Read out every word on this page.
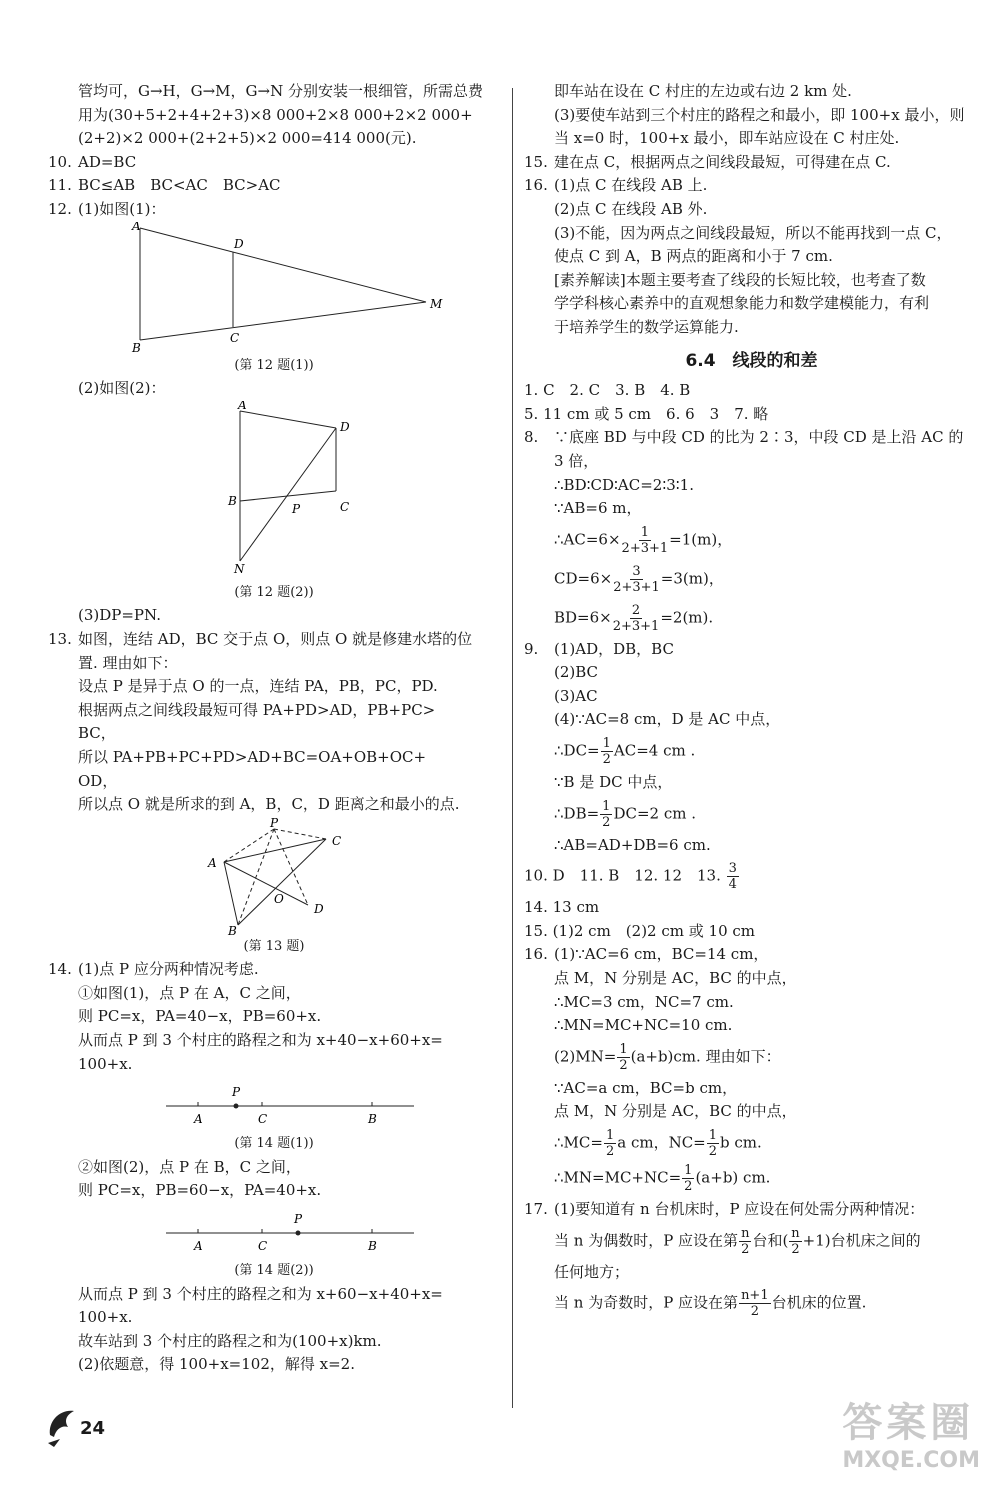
管均可，G→H，G→M，G→N 分别安装一根细管，所需总费
用为(30+5+2+4+2+3)×8 000+2×8 000+2×2 000+
(2+2)×2 000+(2+2+5)×2 000=414 000(元).
10. AD=BC
11. BC≤AB　BC<AC　BC>AC
12. (1)如图(1)：
A
B
D
C
M
(第 12 题(1))
(2)如图(2)：
A
D
B
P	C
N
(第 12 题(2))
(3)DP=PN.
13. 如图，连结 AD，BC 交于点 O，则点 O 就是修建水塔的位
置. 理由如下：
设点 P 是异于点 O 的一点，连结 PA，PB，PC，PD.
根据两点之间线段最短可得 PA+PD>AD，PB+PC>
BC，
所以 PA+PB+PC+PD>AD+BC=OA+OB+OC+
OD，
所以点 O 就是所求的到 A，B，C，D 距离之和最小的点.
P
A
C
O
D
B
(第 13 题)
14. (1)点 P 应分两种情况考虑.
①如图(1)，点 P 在 A，C 之间，
则 PC=x，PA=40−x，PB=60+x.
从而点 P 到 3 个村庄的路程之和为 x+40−x+60+x=
100+x.
P
A	C	B
(第 14 题(1))
②如图(2)，点 P 在 B，C 之间，
则 PC=x，PB=60−x，PA=40+x.
P
A	C	B
(第 14 题(2))
从而点 P 到 3 个村庄的路程之和为 x+60−x+40+x=
100+x.
故车站到 3 个村庄的路程之和为(100+x)km.
(2)依题意，得 100+x=102，解得 x=2.
即车站在设在 C 村庄的左边或右边 2 km 处.
(3)要使车站到三个村庄的路程之和最小，即 100+x 最小，则
当 x=0 时，100+x 最小，即车站应设在 C 村庄处.
15. 建在点 C，根据两点之间线段最短，可得建在点 C.
16. (1)点 C 在线段 AB 上.
(2)点 C 在线段 AB 外.
(3)不能，因为两点之间线段最短，所以不能再找到一点 C，
使点 C 到 A，B 两点的距离和小于 7 cm.
[素养解读]本题主要考查了线段的长短比较，也考查了数
学学科核心素养中的直观想象能力和数学建模能力，有利
于培养学生的数学运算能力.
6.4　线段的和差
1. C　2. C　3. B　4. B
5. 11 cm 或 5 cm　6. 6　3　7. 略
8. ∵底座 BD 与中段 CD 的比为 2∶3，中段 CD 是上沿 AC 的
3 倍，
∴BD∶CD∶AC=2∶3∶1.
∵AB=6 m，
∴AC=6× $\frac{1}{2+3+1} =1(m)$，
$CD=6\times \frac{3}{2+3+1} =3(m)$，
$BD=6\times \frac{2}{2+3+1} =2(m)$.
9. (1)AD，DB，BC
(2)BC
(3)AC
(4)∵AC=8 cm，D 是 AC 中点，
∴DC= $\frac{1}{2} AC=4$ cm .
∵B 是 DC 中点，
∴DB= $\frac{1}{2} DC=2$ cm .
∴AB=AD+DB=6 cm.
10. D　11. B　12. 12　13. $\frac{3}{4}$
14. 13 cm
15. (1)2 cm　(2)2 cm 或 10 cm
16. (1)∵AC=6 cm，BC=14 cm，
点 M，N 分别是 AC，BC 的中点，
∴MC=3 cm，NC=7 cm.
∴MN=MC+NC=10 cm.
$(2)MN= \frac{1}{2} (a+b)cm$. 理由如下：
∵AC=a cm，BC=b cm，
点 M，N 分别是 AC，BC 的中点，
∴MC= $\frac{1}{2}$ a cm，$NC= \frac{1}{2}$ b cm.
∴MN=MC+NC= $\frac{1}{2} (a+b)$ cm.
17. (1)要知道有 n 台机床时，P 应设在何处需分两种情况：
当 n 为偶数时，P 应设在第 $\frac{n}{2}$ 台和( $\frac{n}{2} +1$)台机床之间的
任何地方；
当 n 为奇数时，P 应设在第 $\frac{n+1}{2}$ 台机床的位置.
24	答案圈
MXQE.COM
